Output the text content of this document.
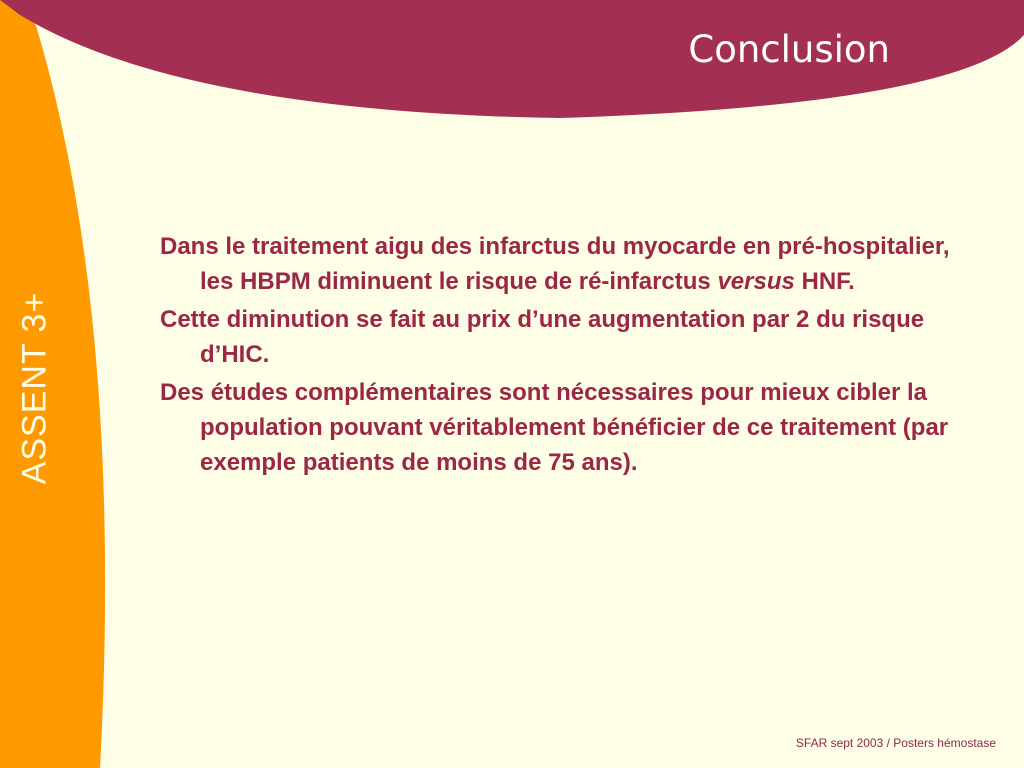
ASSENT 3+
Conclusion

Dans le traitement aigu des infarctus du myocarde en pré-hospitalier, les HBPM diminuent le risque de ré-infarctus versus HNF.

Cette diminution se fait au prix d’une augmentation par 2 du risque d’HIC.

Des études complémentaires sont nécessaires pour mieux cibler la population pouvant véritablement bénéficier de ce traitement (par exemple patients de moins de 75 ans).

SFAR sept 2003 / Posters hémostase
